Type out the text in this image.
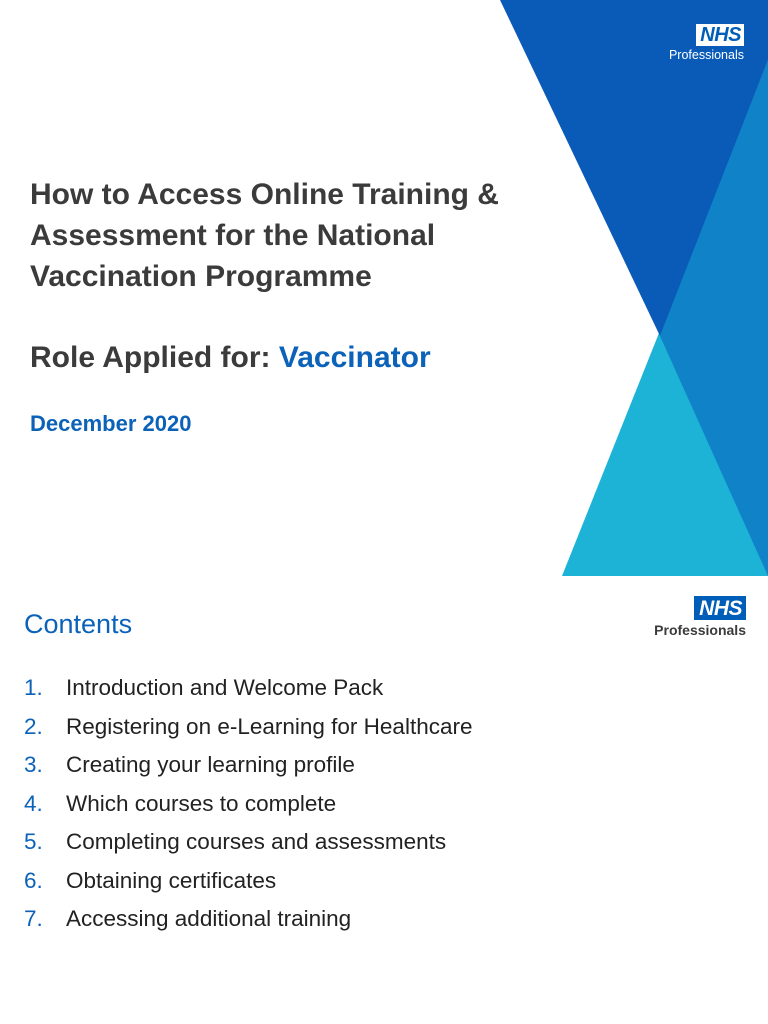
NHS
Professionals
How to Access Online Training & Assessment for the National Vaccination Programme
Role Applied for: Vaccinator

December 2020

NHS
Professionals
Contents
1.	Introduction and Welcome Pack
2.	Registering on e-Learning for Healthcare
3.	Creating your learning profile
4.	Which courses to complete
5.	Completing courses and assessments
6.	Obtaining certificates
7.	Accessing additional training
